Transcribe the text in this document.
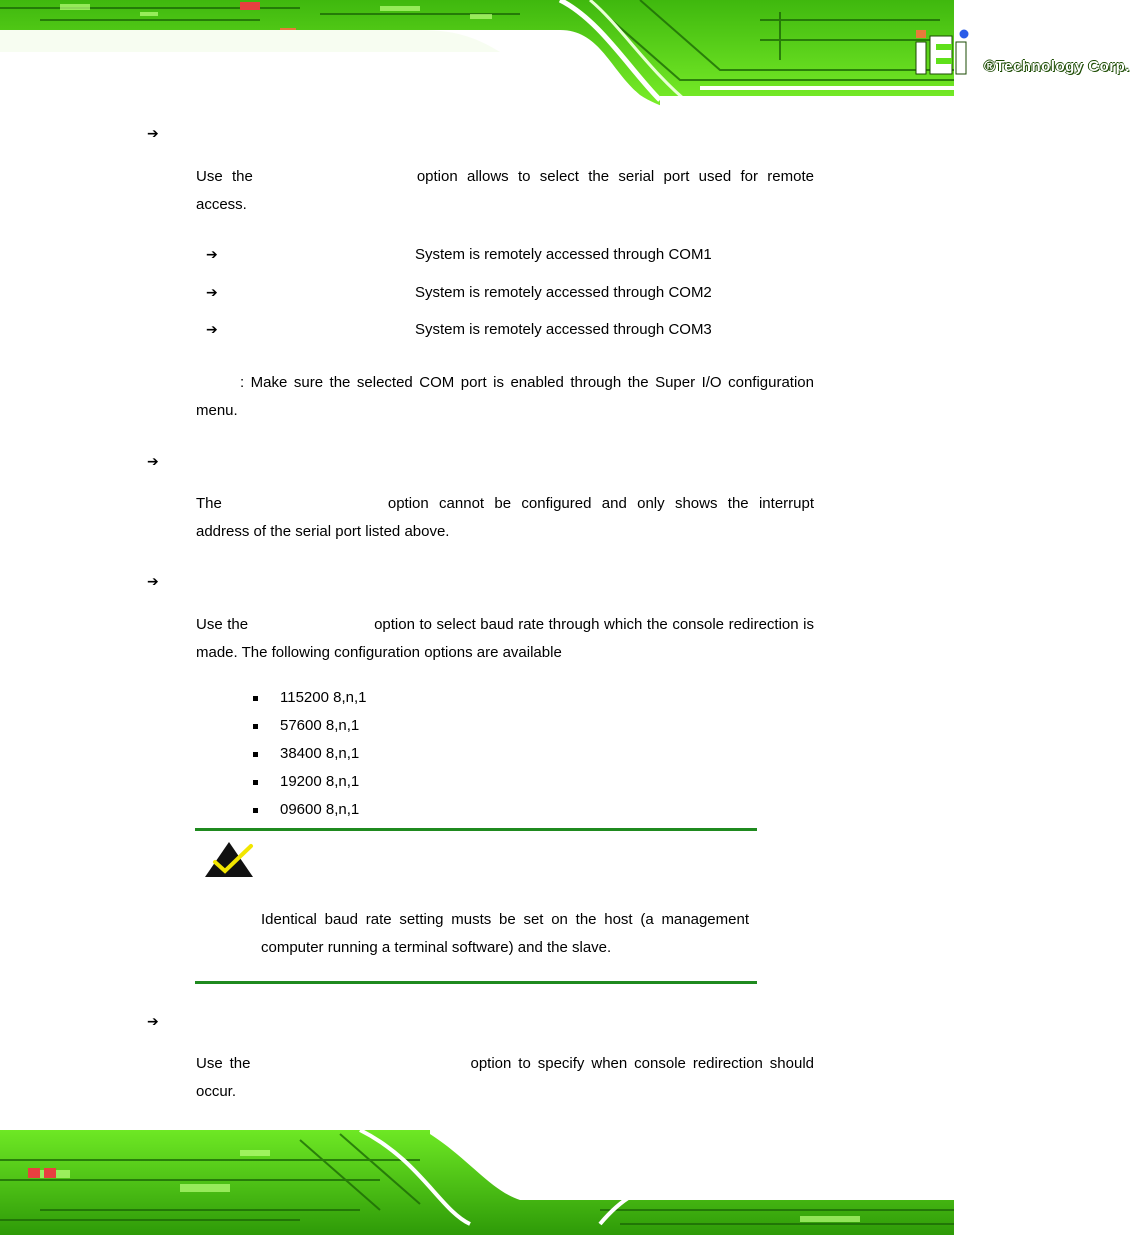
®Technology Corp.
➔

Use the	option allows to select the serial port used for remote access.

➔	System is remotely accessed through COM1
➔	System is remotely accessed through COM2
➔	System is remotely accessed through COM3

: Make sure the selected COM port is enabled through the Super I/O configuration menu.

➔

The	option cannot be configured and only shows the interrupt address of the serial port listed above.

➔

Use the	option to select baud rate through which the console redirection is made. The following configuration options are available

115200 8,n,1
57600 8,n,1
38400 8,n,1
19200 8,n,1
09600 8,n,1

Identical baud rate setting musts be set on the host (a management computer running a terminal software) and the slave.

➔

Use the	option to specify when console redirection should occur.
